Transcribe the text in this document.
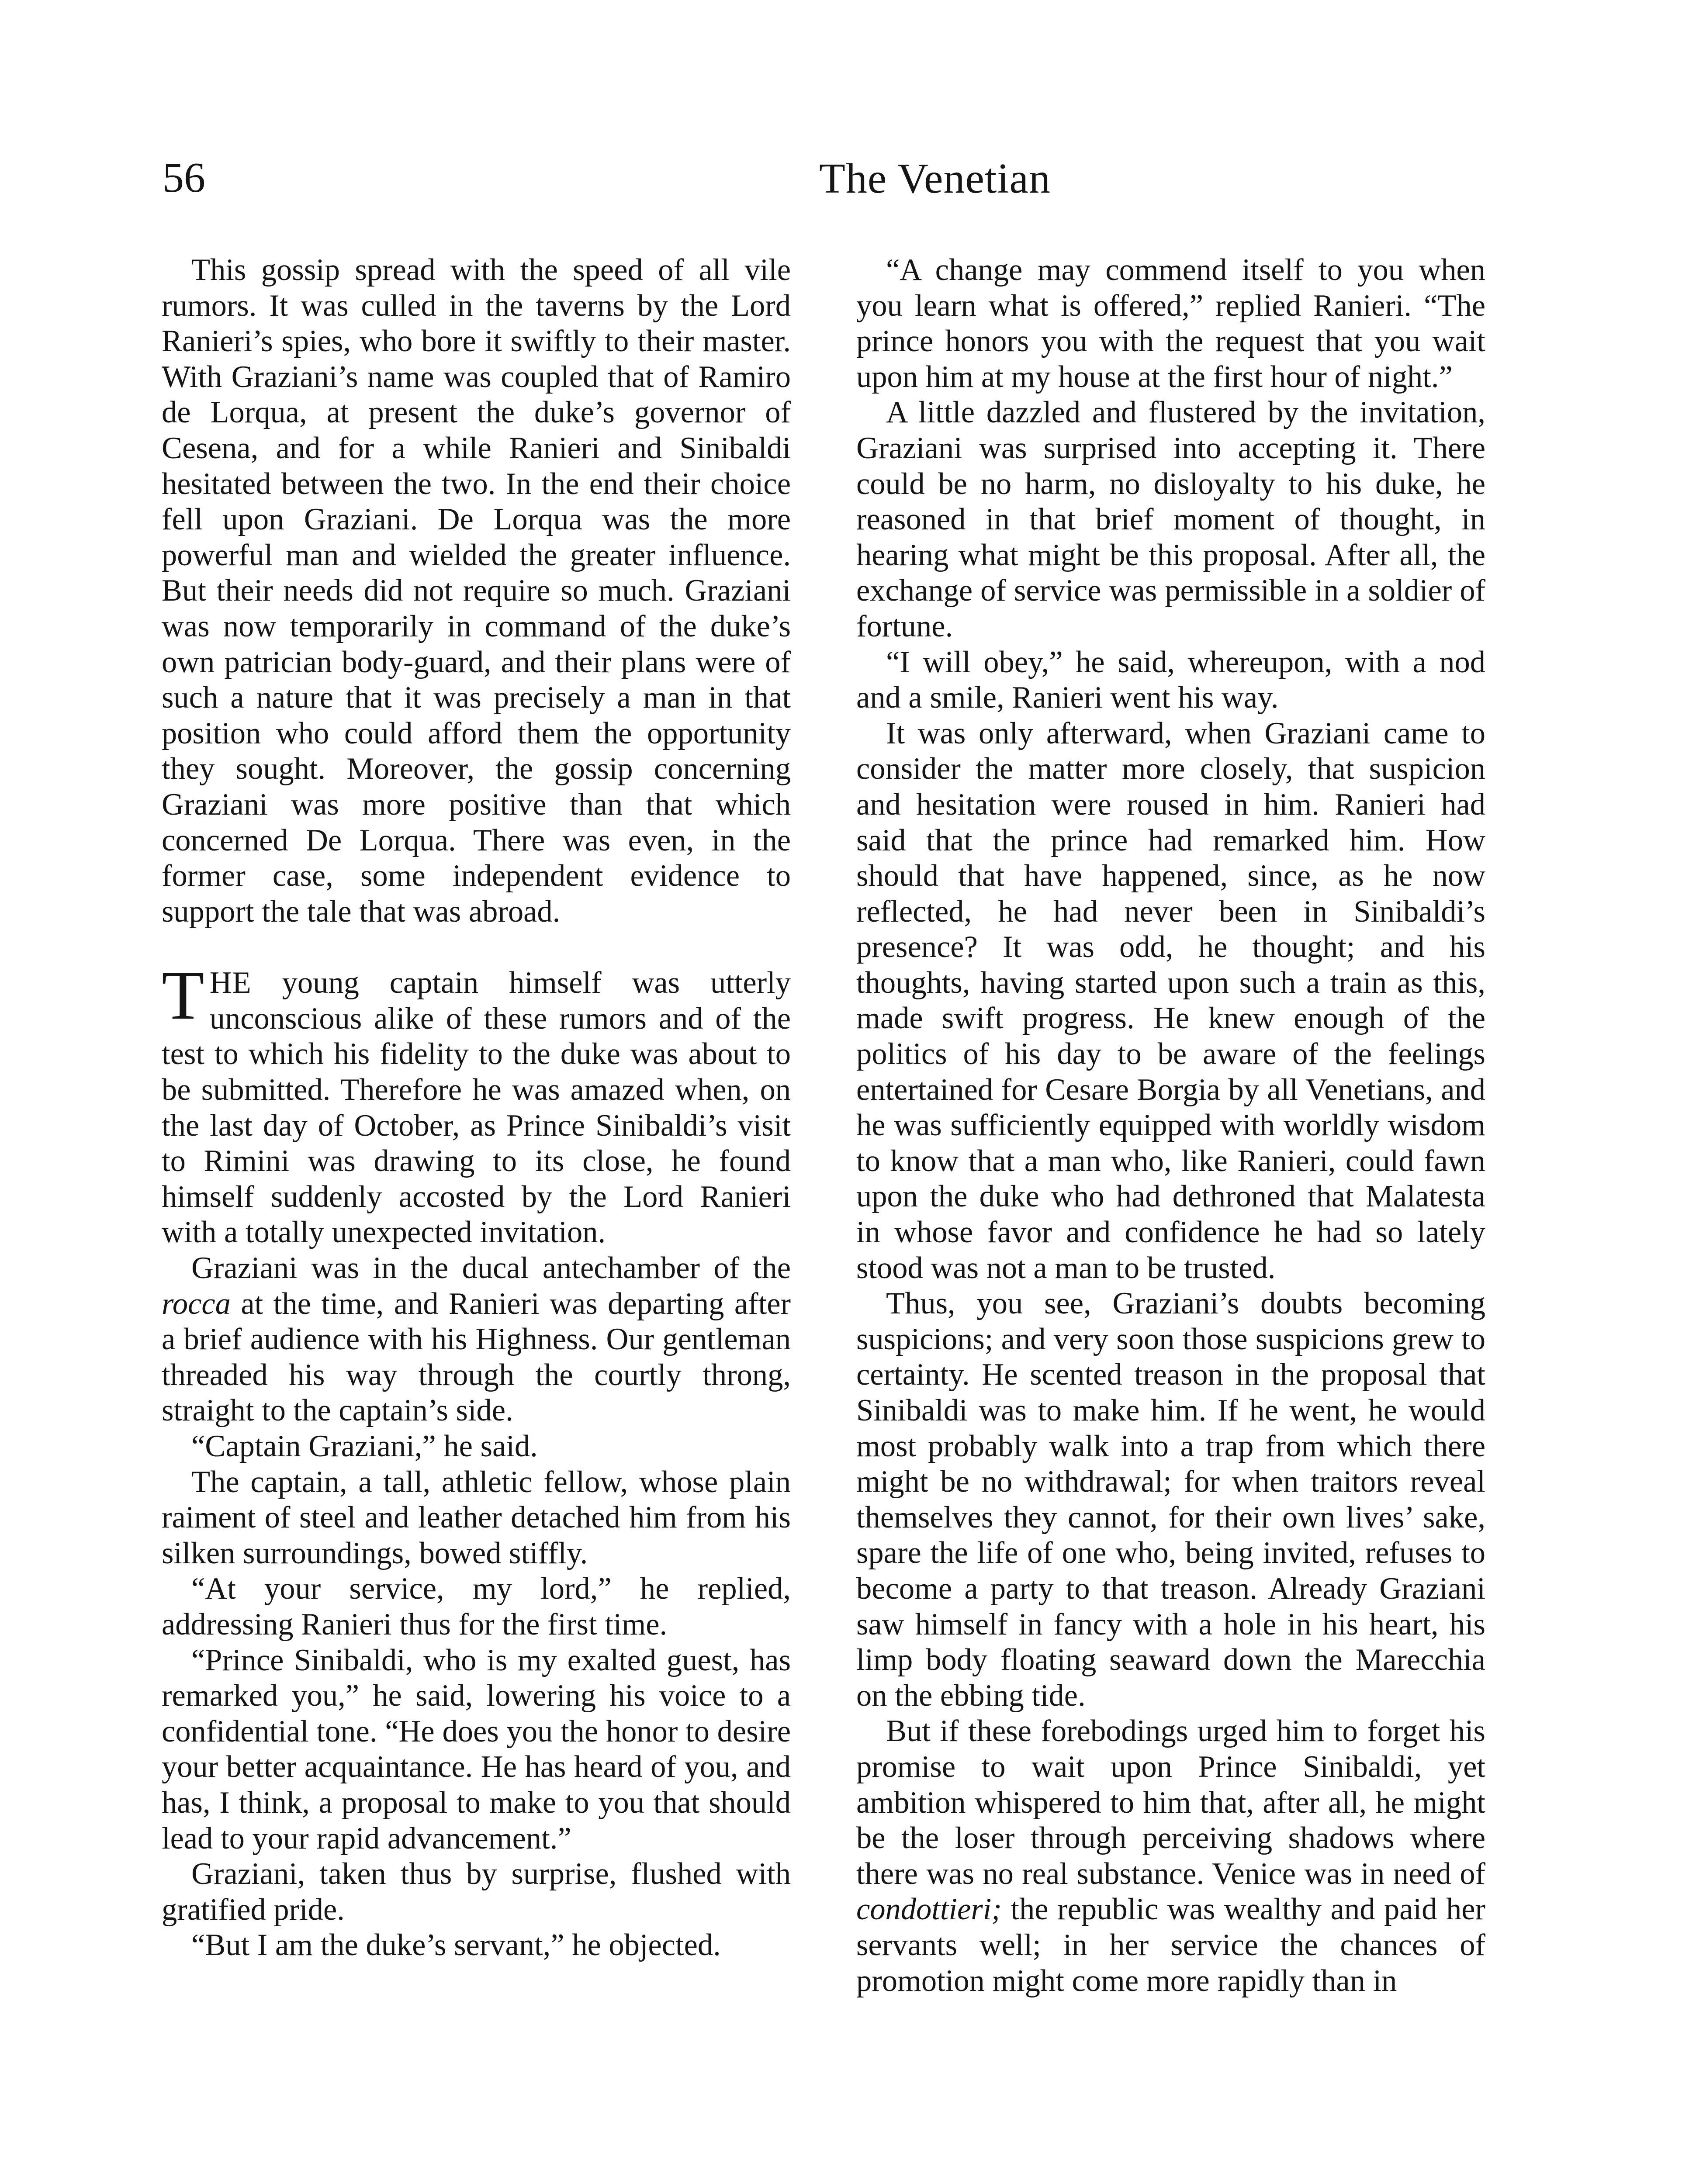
56	The Venetian

This gossip spread with the speed of all vile rumors. It was culled in the taverns by the Lord Ranieri’s spies, who bore it swiftly to their master. With Graziani’s name was coupled that of Ramiro de Lorqua, at present the duke’s governor of Cesena, and for a while Ranieri and Sinibaldi hesitated between the two. In the end their choice fell upon Graziani. De Lorqua was the more powerful man and wielded the greater influence. But their needs did not require so much. Graziani was now temporarily in command of the duke’s own patrician body-guard, and their plans were of such a nature that it was precisely a man in that position who could afford them the opportunity they sought. Moreover, the gossip concerning Graziani was more positive than that which concerned De Lorqua. There was even, in the former case, some independent evidence to support the tale that was abroad.

THE young captain himself was utterly unconscious alike of these rumors and of the test to which his fidelity to the duke was about to be submitted. Therefore he was amazed when, on the last day of October, as Prince Sinibaldi’s visit to Rimini was drawing to its close, he found himself suddenly accosted by the Lord Ranieri with a totally unexpected invitation.

Graziani was in the ducal antechamber of the rocca at the time, and Ranieri was departing after a brief audience with his Highness. Our gentleman threaded his way through the courtly throng, straight to the captain’s side.

“Captain Graziani,” he said.

The captain, a tall, athletic fellow, whose plain raiment of steel and leather detached him from his silken surroundings, bowed stiffly.

“At your service, my lord,” he replied, addressing Ranieri thus for the first time.

“Prince Sinibaldi, who is my exalted guest, has remarked you,” he said, lowering his voice to a confidential tone. “He does you the honor to desire your better acquaintance. He has heard of you, and has, I think, a proposal to make to you that should lead to your rapid advancement.”

Graziani, taken thus by surprise, flushed with gratified pride.

“But I am the duke’s servant,” he objected.

“A change may commend itself to you when you learn what is offered,” replied Ranieri. “The prince honors you with the request that you wait upon him at my house at the first hour of night.”

A little dazzled and flustered by the invitation, Graziani was surprised into accepting it. There could be no harm, no disloyalty to his duke, he reasoned in that brief moment of thought, in hearing what might be this proposal. After all, the exchange of service was permissible in a soldier of fortune.

“I will obey,” he said, whereupon, with a nod and a smile, Ranieri went his way.

It was only afterward, when Graziani came to consider the matter more closely, that suspicion and hesitation were roused in him. Ranieri had said that the prince had remarked him. How should that have happened, since, as he now reflected, he had never been in Sinibaldi’s presence? It was odd, he thought; and his thoughts, having started upon such a train as this, made swift progress. He knew enough of the politics of his day to be aware of the feelings entertained for Cesare Borgia by all Venetians, and he was sufficiently equipped with worldly wisdom to know that a man who, like Ranieri, could fawn upon the duke who had dethroned that Malatesta in whose favor and confidence he had so lately stood was not a man to be trusted.

Thus, you see, Graziani’s doubts becoming suspicions; and very soon those suspicions grew to certainty. He scented treason in the proposal that Sinibaldi was to make him. If he went, he would most probably walk into a trap from which there might be no withdrawal; for when traitors reveal themselves they cannot, for their own lives’ sake, spare the life of one who, being invited, refuses to become a party to that treason. Already Graziani saw himself in fancy with a hole in his heart, his limp body floating seaward down the Marecchia on the ebbing tide.

But if these forebodings urged him to forget his promise to wait upon Prince Sinibaldi, yet ambition whispered to him that, after all, he might be the loser through perceiving shadows where there was no real substance. Venice was in need of condottieri; the republic was wealthy and paid her servants well; in her service the chances of promotion might come more rapidly than in
